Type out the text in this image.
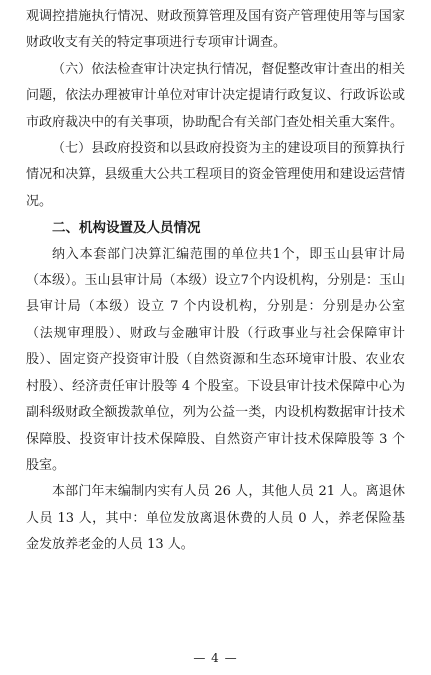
观调控措施执行情况、财政预算管理及国有资产管理使用等与国家财政收支有关的特定事项进行专项审计调查。

（六）依法检查审计决定执行情况，督促整改审计查出的相关问题，依法办理被审计单位对审计决定提请行政复议、行政诉讼或市政府裁决中的有关事项，协助配合有关部门查处相关重大案件。

（七）县政府投资和以县政府投资为主的建设项目的预算执行情况和决算，县级重大公共工程项目的资金管理使用和建设运营情况。

二、机构设置及人员情况

纳入本套部门决算汇编范围的单位共1个，即玉山县审计局（本级）。玉山县审计局（本级）设立7个内设机构，分别是：玉山县审计局（本级）设立 7 个内设机构，分别是：分别是办公室（法规审理股）、财政与金融审计股（行政事业与社会保障审计股）、固定资产投资审计股（自然资源和生态环境审计股、农业农村股）、经济责任审计股等 4 个股室。下设县审计技术保障中心为副科级财政全额拨款单位，列为公益一类，内设机构数据审计技术保障股、投资审计技术保障股、自然资产审计技术保障股等 3 个股室。

本部门年末编制内实有人员 26 人，其他人员 21 人。离退休人员 13 人，其中：单位发放离退休费的人员 0 人，养老保险基金发放养老金的人员 13 人。

— 4 —
